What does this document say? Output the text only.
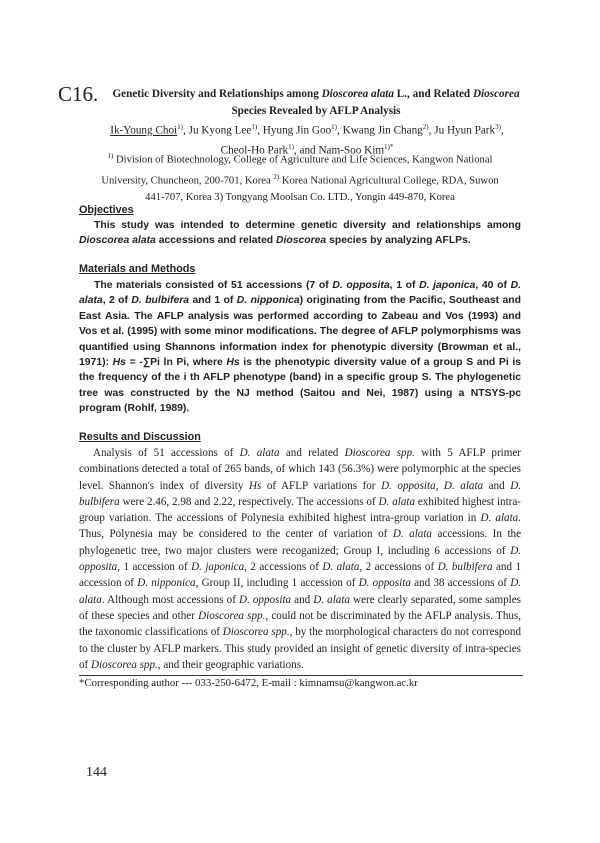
C16.	Genetic Diversity and Relationships among Dioscorea alata L., and Related Dioscorea
Species Revealed by AFLP Analysis
Ik-Young Choi$^{1)}$, Ju Kyong Lee$^{1)}$, Hyung Jin Goo$^{1)}$, Kwang Jin Chang$^{2)}$, Ju Hyun Park$^{3)}$,
Cheol-Ho Park$^{1)}$, and Nam-Soo Kim$^{1)*}$
$^{1)}$ Division of Biotechnology, College of Agriculture and Life Sciences, Kangwon National
University, Chuncheon, 200-701, Korea $^{2)}$ Korea National Agricultural College, RDA, Suwon
441-707, Korea 3) Tongyang Moolsan Co. LTD., Yongin 449-870, Korea
Objectives
This study was intended to determine genetic diversity and relationships among Dioscorea alata accessions and related Dioscorea species by analyzing AFLPs.
Materials and Methods
The materials consisted of 51 accessions (7 of D. opposita, 1 of D. japonica, 40 of D. alata, 2 of D. bulbifera and 1 of D. nipponica) originating from the Pacific, Southeast and East Asia. The AFLP analysis was performed according to Zabeau and Vos (1993) and Vos et al. (1995) with some minor modifications. The degree of AFLP polymorphisms was quantified using Shannons information index for phenotypic diversity (Browman et al., 1971): Hs = -∑Pi ln Pi, where Hs is the phenotypic diversity value of a group S and Pi is the frequency of the i th AFLP phenotype (band) in a specific group S. The phylogenetic tree was constructed by the NJ method (Saitou and Nei, 1987) using a NTSYS-pc program (Rohlf, 1989).
Results and Discussion
Analysis of 51 accessions of D. alata and related Dioscorea spp. with 5 AFLP primer combinations detected a total of 265 bands, of which 143 (56.3%) were polymorphic at the species level. Shannon's index of diversity Hs of AFLP variations for D. opposita, D. alata and D. bulbifera were 2.46, 2.98 and 2.22, respectively. The accessions of D. alata exhibited highest intra-group variation. The accessions of Polynesia exhibited highest intra-group variation in D. alata. Thus, Polynesia may be considered to the center of variation of D. alata accessions. In the phylogenetic tree, two major clusters were recoganized; Group I, including 6 accessions of D. opposita, 1 accession of D. japonica, 2 accessions of D. alata, 2 accessions of D. bulbifera and 1 accession of D. nipponica, Group II, including 1 accession of D. opposita and 38 accessions of D. alata. Although most accessions of D. opposita and D. alata were clearly separated, some samples of these species and other Dioscorea spp., could not be discriminated by the AFLP analysis. Thus, the taxonomic classifications of Dioscorea spp., by the morphological characters do not correspond to the cluster by AFLP markers. This study provided an insight of genetic diversity of intra-species of Dioscorea spp., and their geographic variations.
*Corresponding author --- 033-250-6472, E-mail : kimnamsu@kangwon.ac.kr
144
